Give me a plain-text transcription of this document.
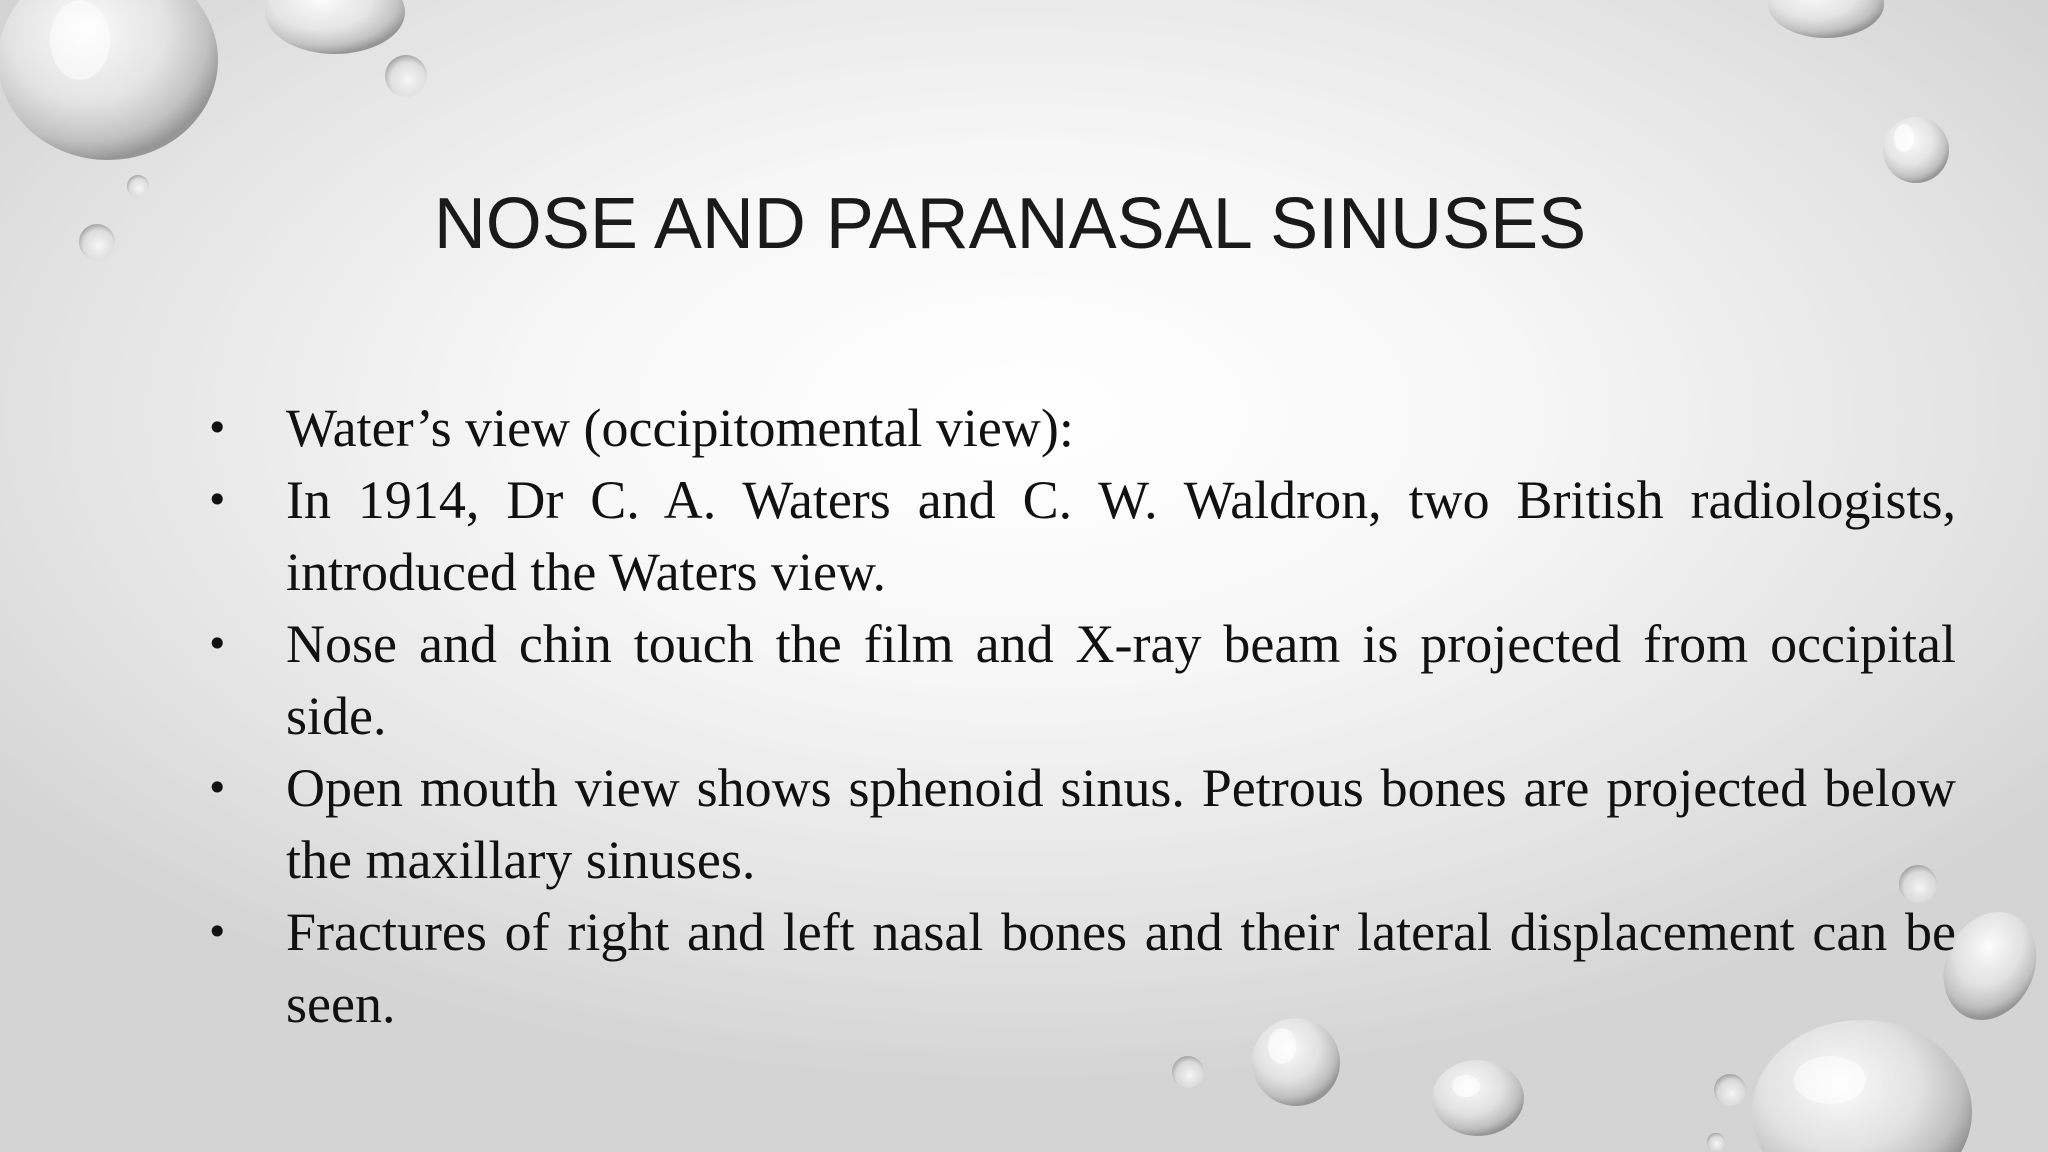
NOSE AND PARANASAL SINUSES
• Water’s view (occipitomental view):
• In 1914, Dr C. A. Waters and C. W. Waldron, two British radiologists, introduced the Waters view.
• Nose and chin touch the film and X-ray beam is projected from occipital side.
• Open mouth view shows sphenoid sinus. Petrous bones are projected below the maxillary sinuses.
• Fractures of right and left nasal bones and their lateral displacement can be seen.
